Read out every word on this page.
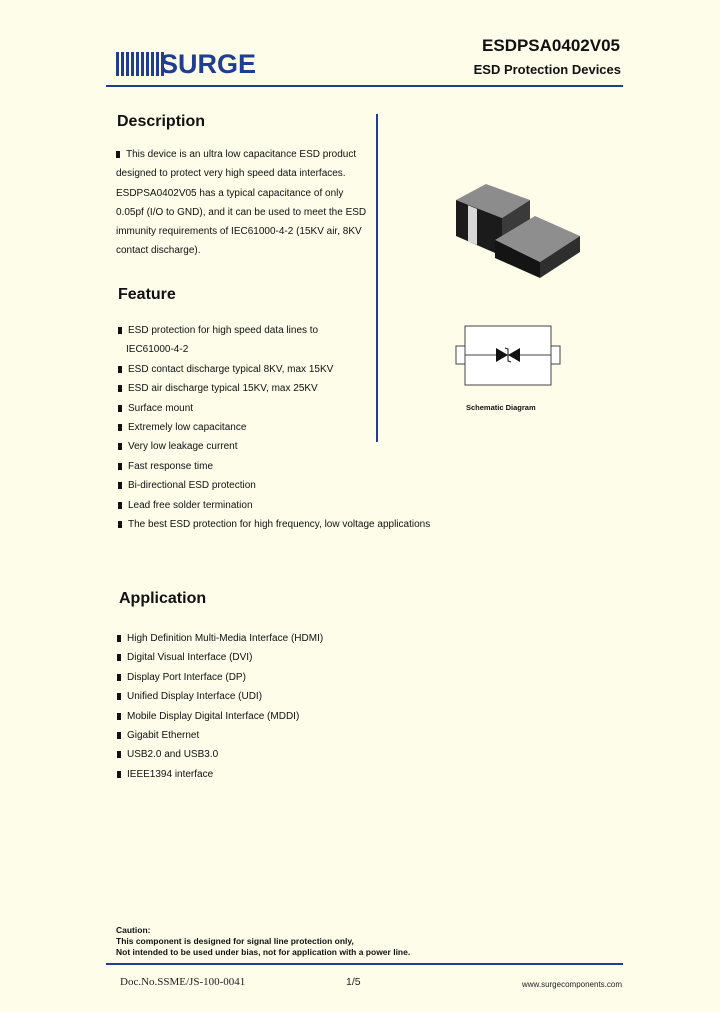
SURGE
ESDPSA0402V05
ESD Protection Devices
Description
This device is an ultra low capacitance ESD product
designed to protect very high speed data interfaces.
ESDPSA0402V05 has a typical capacitance of only
0.05pf (I/O to GND), and it can be used to meet the ESD
immunity requirements of IEC61000-4-2 (15KV air, 8KV
contact discharge).
Schematic Diagram
Feature
ESD protection for high speed data lines to
IEC61000-4-2
ESD contact discharge typical 8KV, max 15KV
ESD air discharge typical 15KV, max 25KV
Surface mount
Extremely low capacitance
Very low leakage current
Fast response time
Bi-directional ESD protection
Lead free solder termination
The best ESD protection for high frequency, low voltage applications
Application
High Definition Multi-Media Interface (HDMI)
Digital Visual Interface (DVI)
Display Port Interface (DP)
Unified Display Interface (UDI)
Mobile Display Digital Interface (MDDI)
Gigabit Ethernet
USB2.0 and USB3.0
IEEE1394 interface
Caution:
This component is designed for signal line protection only,
Not intended to be used under bias, not for application with a power line.
Doc.No.SSME/JS-100-0041	1/5	www.surgecomponents.com
